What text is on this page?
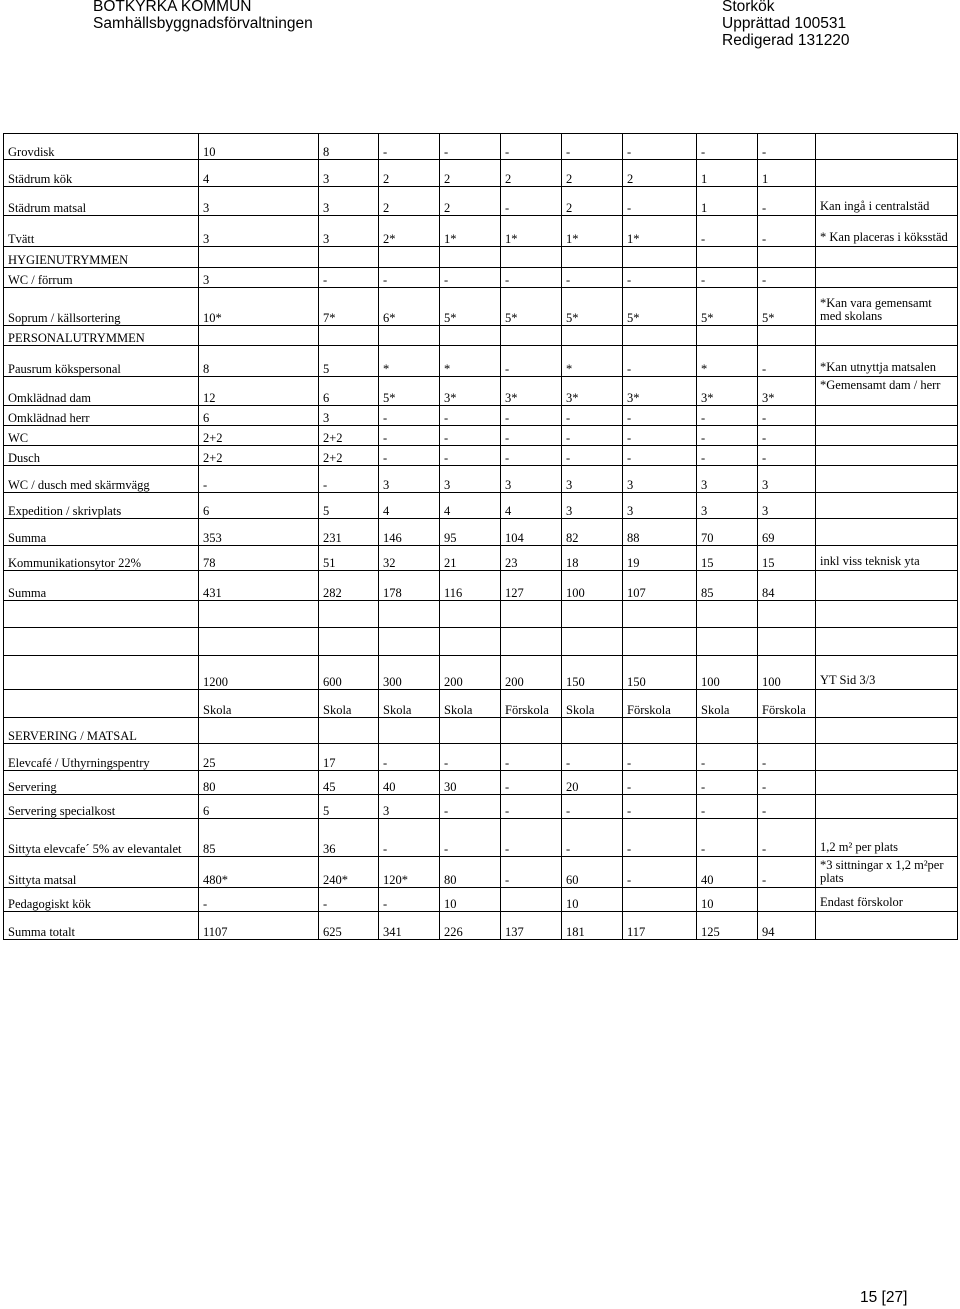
BOTKYRKA KOMMUN
Samhällsbyggnadsförvaltningen
Storkök
Upprättad 100531
Redigerad 131220
Grovdisk	10	8	-	-	-	-	-	-	-	
Städrum kök	4	3	2	2	2	2	2	1	1	
Städrum matsal	3	3	2	2	-	2	-	1	-	Kan ingå i centralstäd
Tvätt	3	3	2*	1*	1*	1*	1*	-	-	* Kan placeras i köksstäd
HYGIENUTRYMMEN										
WC / förrum	3	-	-	-	-	-	-	-	-	
Soprum / källsortering	10*	7*	6*	5*	5*	5*	5*	5*	5*	*Kan vara gemensamt med skolans
PERSONALUTRYMMEN										
Pausrum kökspersonal	8	5	*	*	-	*	-	*	-	*Kan utnyttja matsalen
Omklädnad dam	12	6	5*	3*	3*	3*	3*	3*	3*	*Gemensamt dam / herr
Omklädnad herr	6	3	-	-	-	-	-	-	-	
WC	2+2	2+2	-	-	-	-	-	-	-	
Dusch	2+2	2+2	-	-	-	-	-	-	-	
WC / dusch med skärmvägg	-	-	3	3	3	3	3	3	3	
Expedition / skrivplats	6	5	4	4	4	3	3	3	3	
Summa	353	231	146	95	104	82	88	70	69	
Kommunikationsytor 22%	78	51	32	21	23	18	19	15	15	inkl viss teknisk yta
Summa	431	282	178	116	127	100	107	85	84	

	1200	600	300	200	200	150	150	100	100	YT Sid 3/3
	Skola	Skola	Skola	Skola	Förskola	Skola	Förskola	Skola	Förskola	
SERVERING / MATSAL										
Elevcafé / Uthyrningspentry	25	17	-	-	-	-	-	-	-	
Servering	80	45	40	30	-	20	-	-	-	
Servering specialkost	6	5	3	-	-	-	-	-	-	
Sittyta elevcafe´ 5% av elevantalet	85	36	-	-	-	-	-	-	-	1,2 m² per plats
Sittyta matsal	480*	240*	120*	80	-	60	-	40	-	*3 sittningar x 1,2 m²per plats
Pedagogiskt kök	-	-	-	10		10		10		Endast förskolor
Summa totalt	1107	625	341	226	137	181	117	125	94	
15 [27]
